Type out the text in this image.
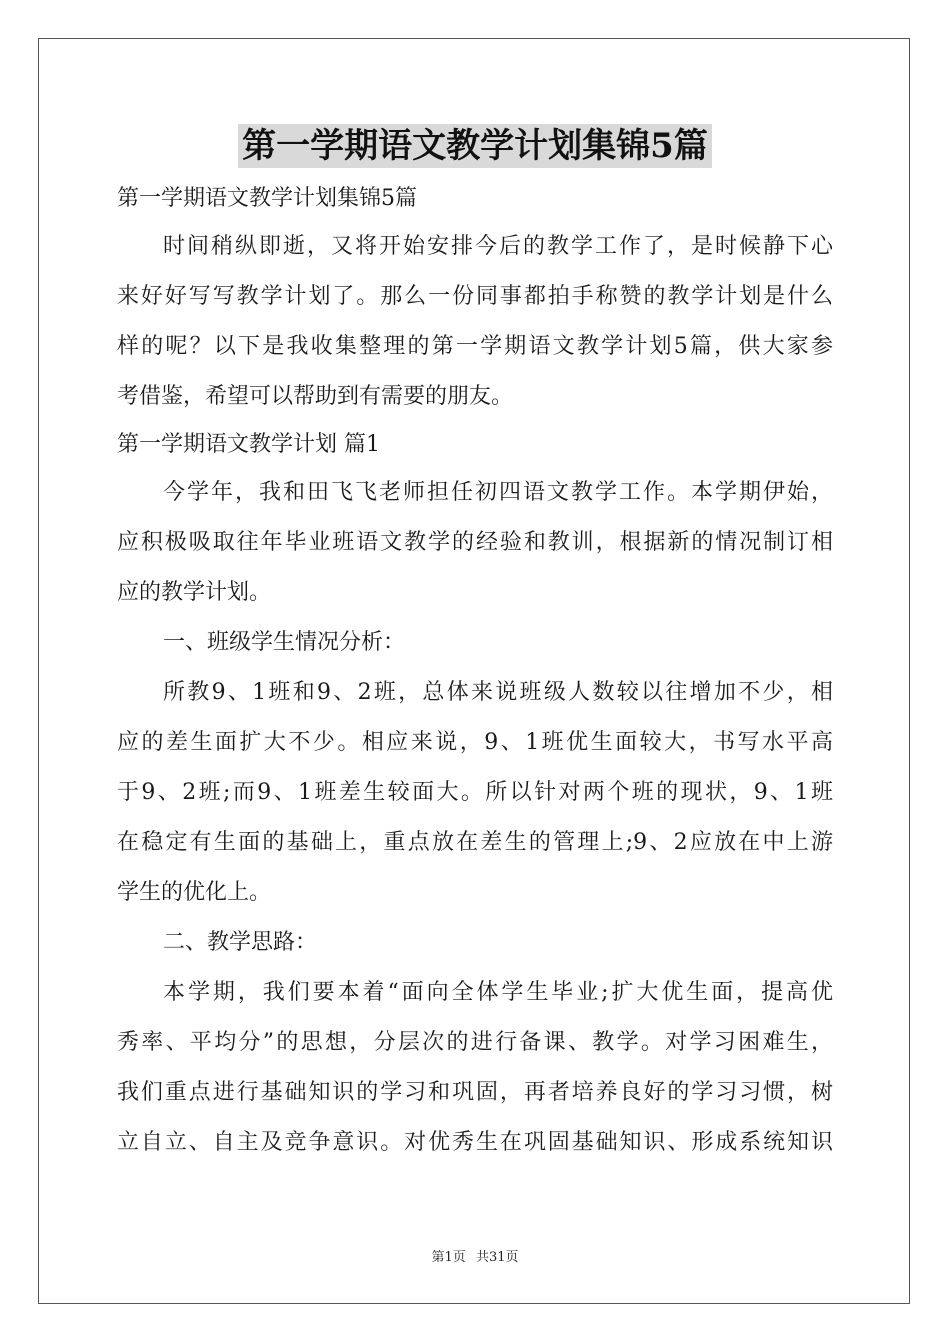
第一学期语文教学计划集锦5篇
第一学期语文教学计划集锦5篇
时间稍纵即逝，又将开始安排今后的教学工作了，是时候静下心
来好好写写教学计划了。那么一份同事都拍手称赞的教学计划是什么
样的呢？以下是我收集整理的第一学期语文教学计划5篇，供大家参
考借鉴，希望可以帮助到有需要的朋友。
第一学期语文教学计划 篇1
今学年，我和田飞飞老师担任初四语文教学工作。本学期伊始，
应积极吸取往年毕业班语文教学的经验和教训，根据新的情况制订相
应的教学计划。
一、班级学生情况分析：
所教9、1班和9、2班，总体来说班级人数较以往增加不少，相
应的差生面扩大不少。相应来说，9、1班优生面较大，书写水平高
于9、2班;而9、1班差生较面大。所以针对两个班的现状，9、1班
在稳定有生面的基础上，重点放在差生的管理上;9、2应放在中上游
学生的优化上。
二、教学思路：
本学期，我们要本着“面向全体学生毕业;扩大优生面，提高优
秀率、平均分”的思想，分层次的进行备课、教学。对学习困难生，
我们重点进行基础知识的学习和巩固，再者培养良好的学习习惯，树
立自立、自主及竞争意识。对优秀生在巩固基础知识、形成系统知识
第1页 共31页
